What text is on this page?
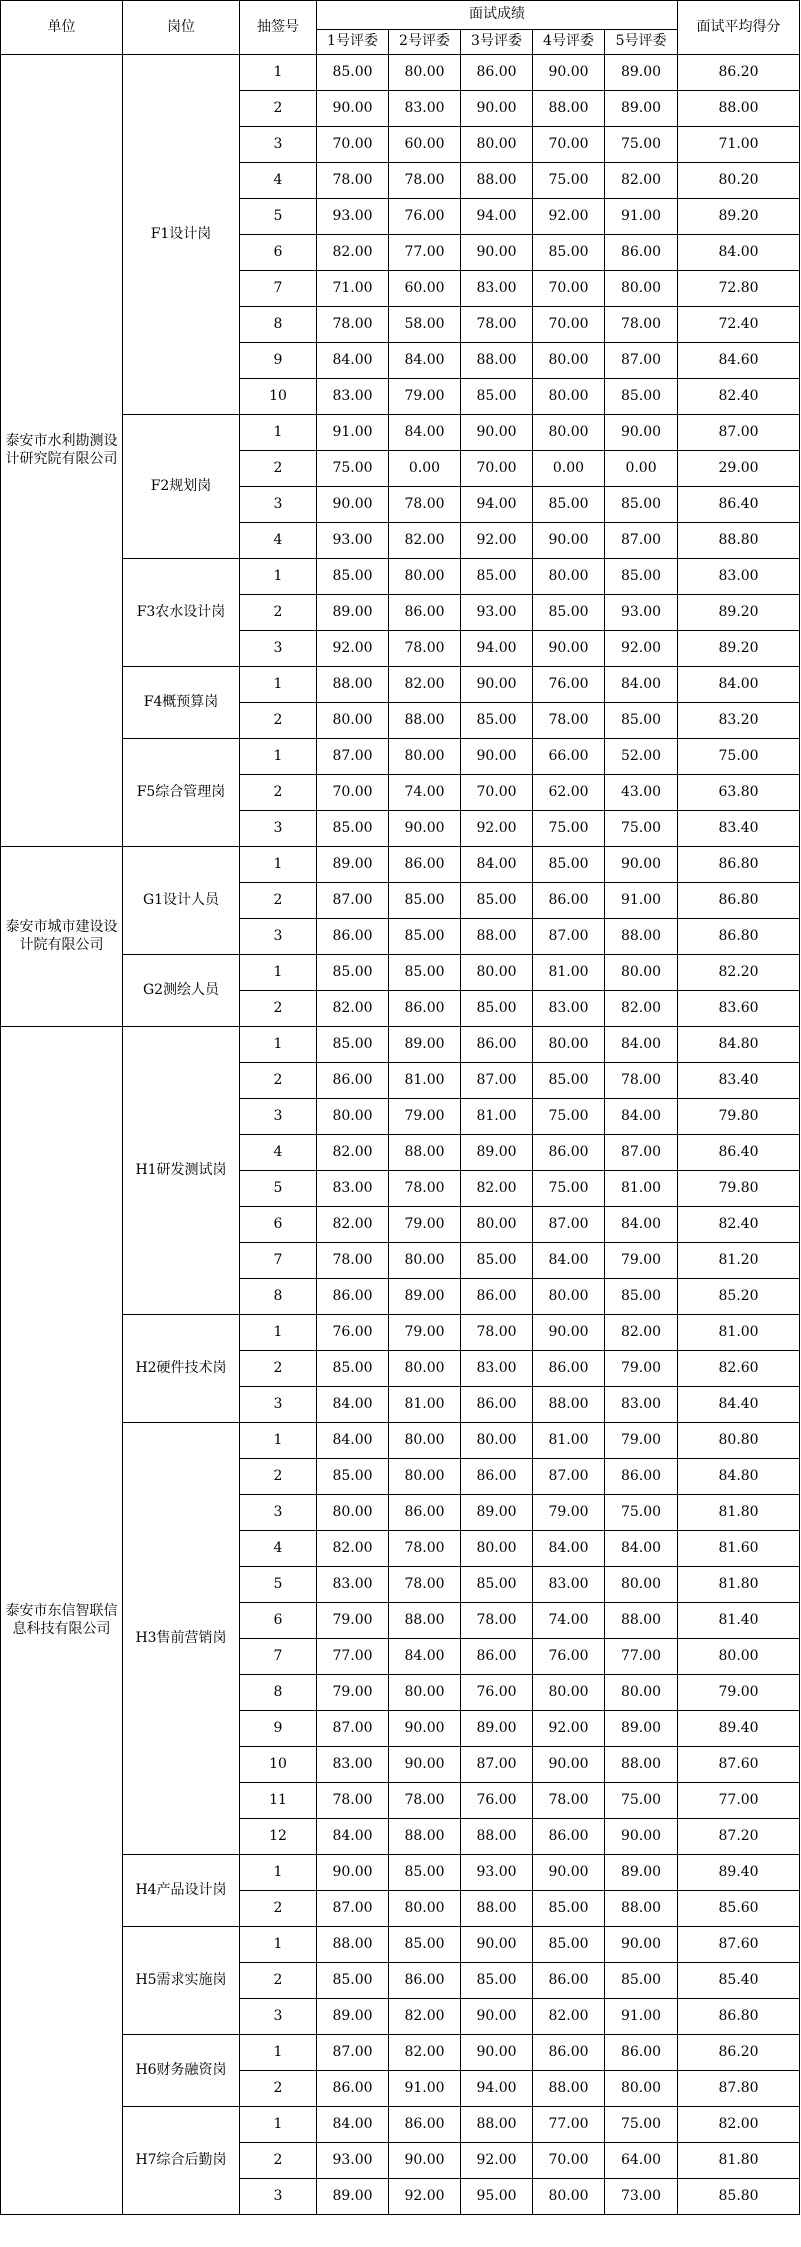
单位	岗位	抽签号	面试成绩					面试平均得分
			1号评委	2号评委	3号评委	4号评委	5号评委	
泰安市水利勘测设计研究院有限公司	F1设计岗	1	85.00	80.00	86.00	90.00	89.00	86.20
		2	90.00	83.00	90.00	88.00	89.00	88.00
		3	70.00	60.00	80.00	70.00	75.00	71.00
		4	78.00	78.00	88.00	75.00	82.00	80.20
		5	93.00	76.00	94.00	92.00	91.00	89.20
		6	82.00	77.00	90.00	85.00	86.00	84.00
		7	71.00	60.00	83.00	70.00	80.00	72.80
		8	78.00	58.00	78.00	70.00	78.00	72.40
		9	84.00	84.00	88.00	80.00	87.00	84.60
		10	83.00	79.00	85.00	80.00	85.00	82.40
	F2规划岗	1	91.00	84.00	90.00	80.00	90.00	87.00
		2	75.00	0.00	70.00	0.00	0.00	29.00
		3	90.00	78.00	94.00	85.00	85.00	86.40
		4	93.00	82.00	92.00	90.00	87.00	88.80
	F3农水设计岗	1	85.00	80.00	85.00	80.00	85.00	83.00
		2	89.00	86.00	93.00	85.00	93.00	89.20
		3	92.00	78.00	94.00	90.00	92.00	89.20
	F4概预算岗	1	88.00	82.00	90.00	76.00	84.00	84.00
		2	80.00	88.00	85.00	78.00	85.00	83.20
	F5综合管理岗	1	87.00	80.00	90.00	66.00	52.00	75.00
		2	70.00	74.00	70.00	62.00	43.00	63.80
		3	85.00	90.00	92.00	75.00	75.00	83.40
泰安市城市建设设计院有限公司	G1设计人员	1	89.00	86.00	84.00	85.00	90.00	86.80
		2	87.00	85.00	85.00	86.00	91.00	86.80
		3	86.00	85.00	88.00	87.00	88.00	86.80
	G2测绘人员	1	85.00	85.00	80.00	81.00	80.00	82.20
		2	82.00	86.00	85.00	83.00	82.00	83.60
泰安市东信智联信息科技有限公司	H1研发测试岗	1	85.00	89.00	86.00	80.00	84.00	84.80
		2	86.00	81.00	87.00	85.00	78.00	83.40
		3	80.00	79.00	81.00	75.00	84.00	79.80
		4	82.00	88.00	89.00	86.00	87.00	86.40
		5	83.00	78.00	82.00	75.00	81.00	79.80
		6	82.00	79.00	80.00	87.00	84.00	82.40
		7	78.00	80.00	85.00	84.00	79.00	81.20
		8	86.00	89.00	86.00	80.00	85.00	85.20
	H2硬件技术岗	1	76.00	79.00	78.00	90.00	82.00	81.00
		2	85.00	80.00	83.00	86.00	79.00	82.60
		3	84.00	81.00	86.00	88.00	83.00	84.40
	H3售前营销岗	1	84.00	80.00	80.00	81.00	79.00	80.80
		2	85.00	80.00	86.00	87.00	86.00	84.80
		3	80.00	86.00	89.00	79.00	75.00	81.80
		4	82.00	78.00	80.00	84.00	84.00	81.60
		5	83.00	78.00	85.00	83.00	80.00	81.80
		6	79.00	88.00	78.00	74.00	88.00	81.40
		7	77.00	84.00	86.00	76.00	77.00	80.00
		8	79.00	80.00	76.00	80.00	80.00	79.00
		9	87.00	90.00	89.00	92.00	89.00	89.40
		10	83.00	90.00	87.00	90.00	88.00	87.60
		11	78.00	78.00	76.00	78.00	75.00	77.00
		12	84.00	88.00	88.00	86.00	90.00	87.20
	H4产品设计岗	1	90.00	85.00	93.00	90.00	89.00	89.40
		2	87.00	80.00	88.00	85.00	88.00	85.60
	H5需求实施岗	1	88.00	85.00	90.00	85.00	90.00	87.60
		2	85.00	86.00	85.00	86.00	85.00	85.40
		3	89.00	82.00	90.00	82.00	91.00	86.80
	H6财务融资岗	1	87.00	82.00	90.00	86.00	86.00	86.20
		2	86.00	91.00	94.00	88.00	80.00	87.80
	H7综合后勤岗	1	84.00	86.00	88.00	77.00	75.00	82.00
		2	93.00	90.00	92.00	70.00	64.00	81.80
		3	89.00	92.00	95.00	80.00	73.00	85.80
